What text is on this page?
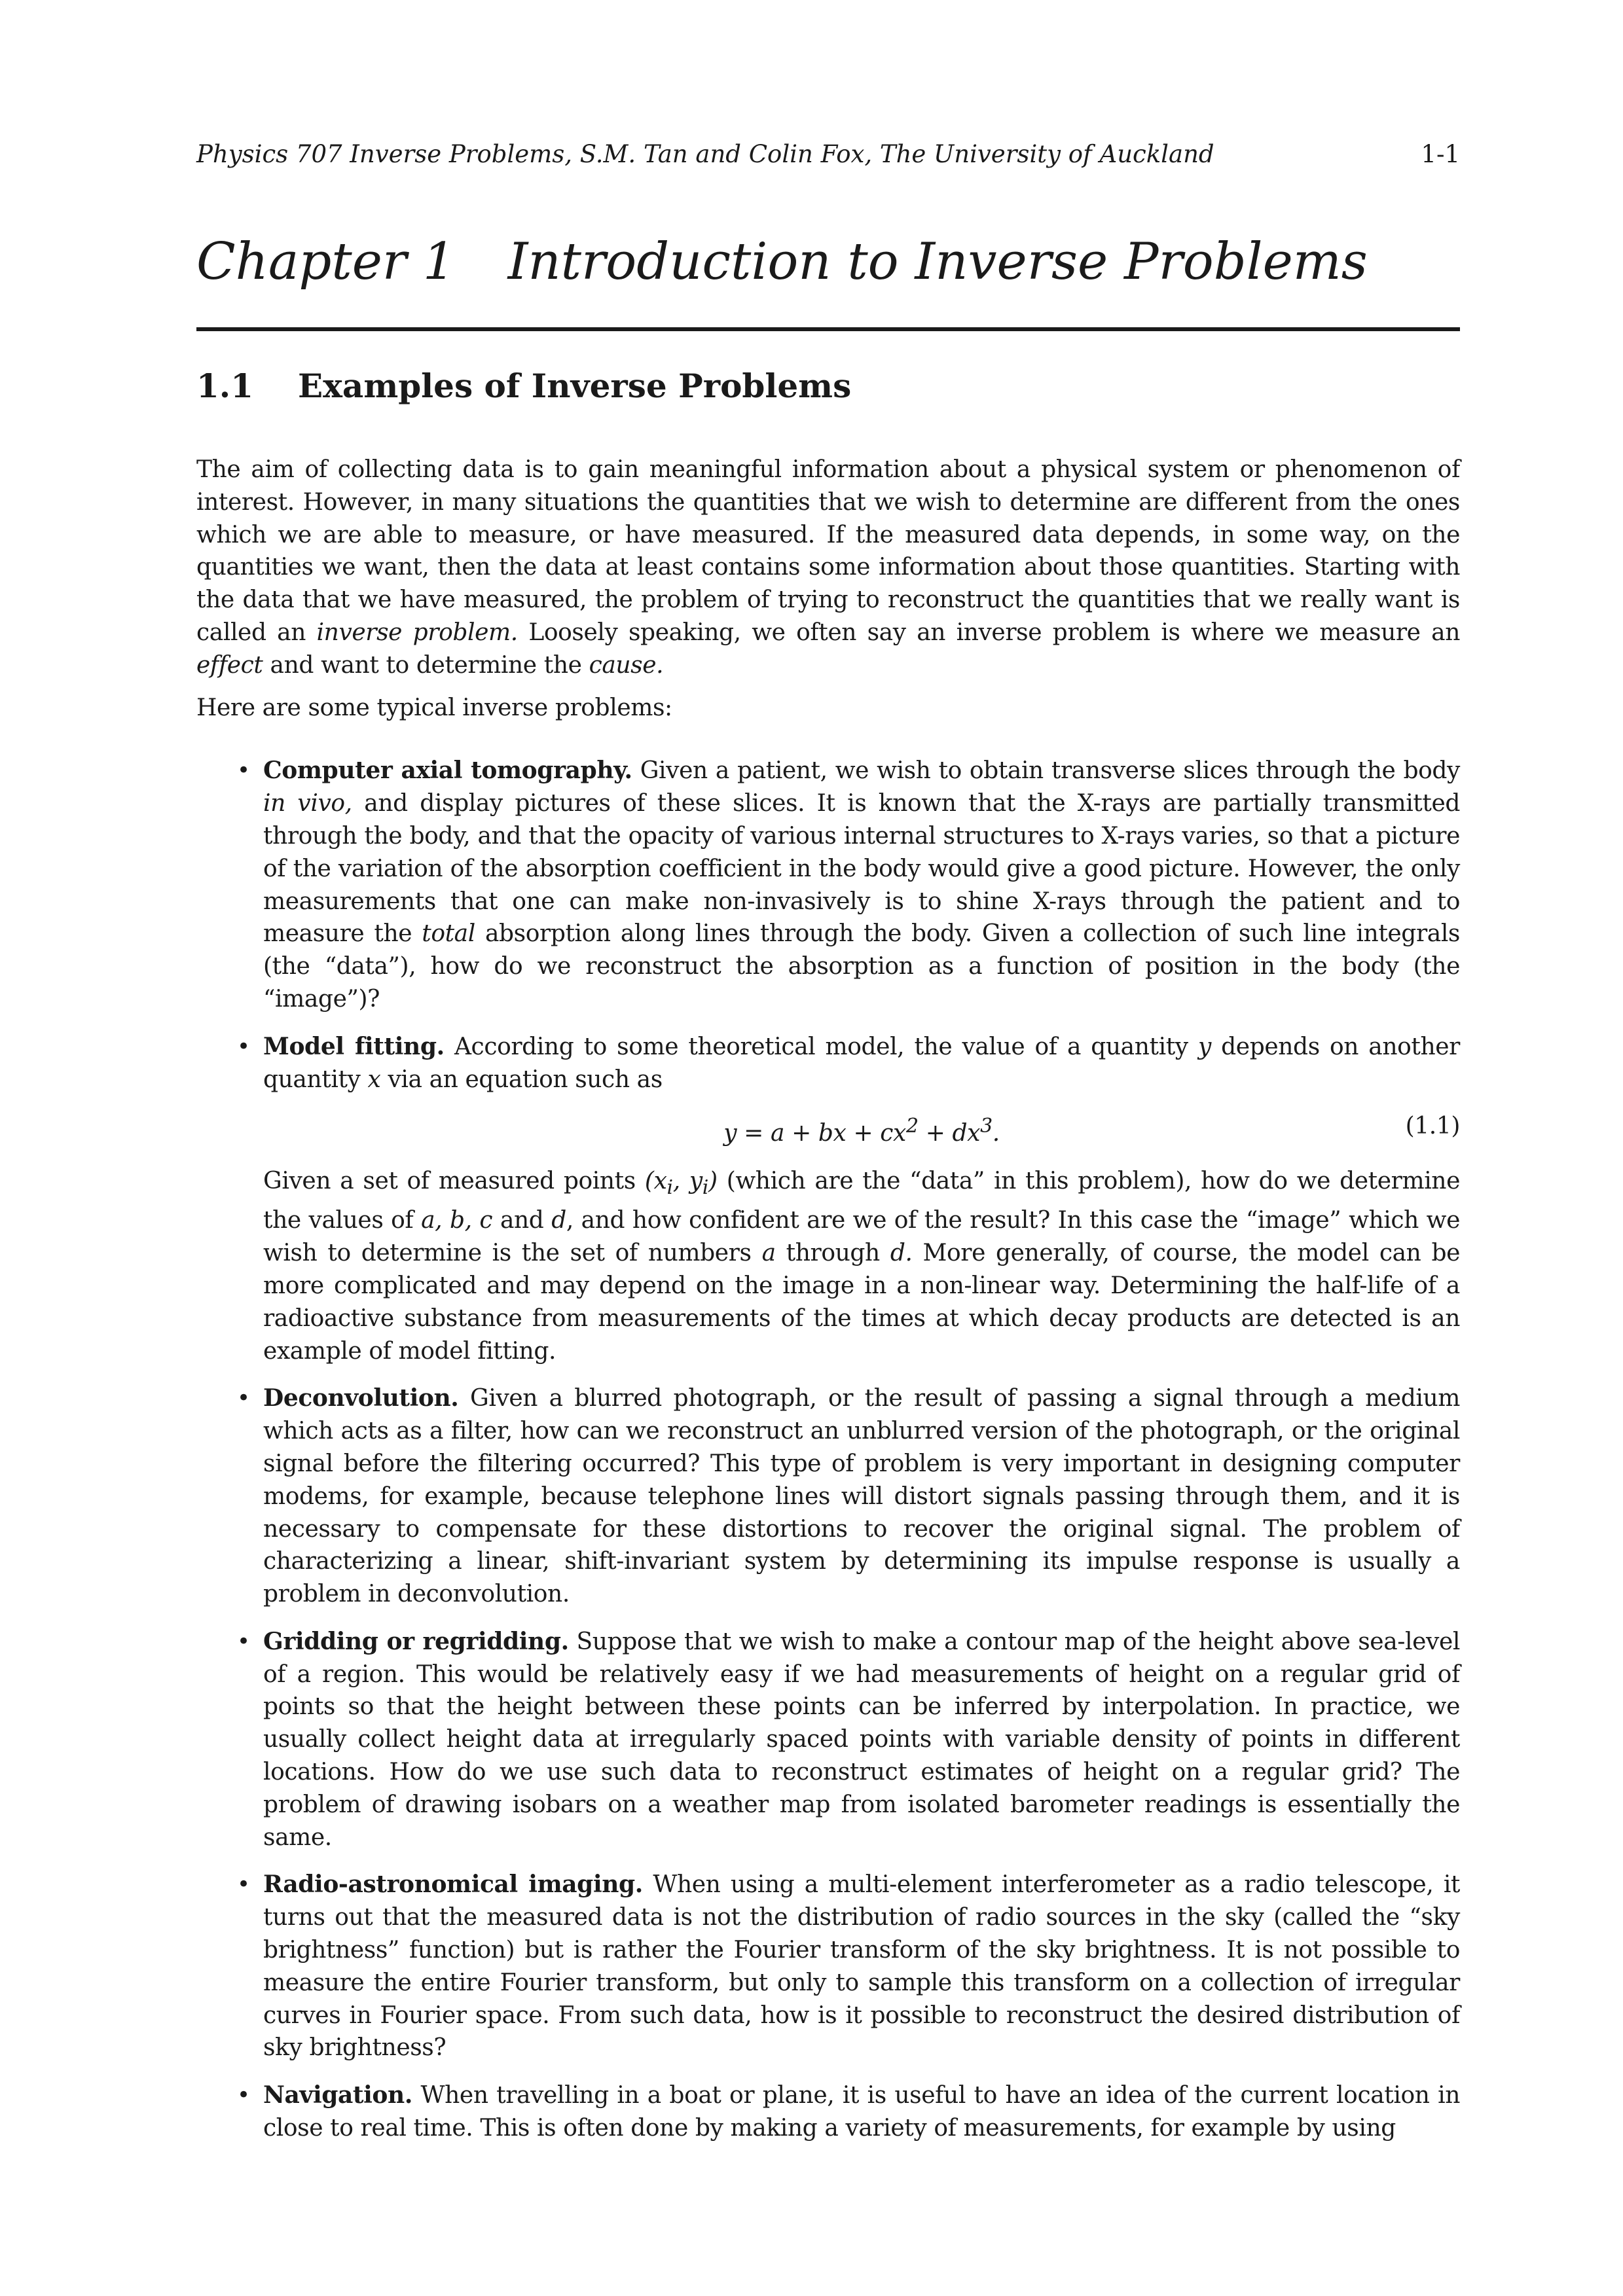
Physics 707 Inverse Problems, S.M. Tan and Colin Fox, The University of Auckland	1-1
Chapter 1 Introduction to Inverse Problems
1.1 Examples of Inverse Problems

The aim of collecting data is to gain meaningful information about a physical system or phenomenon of interest. However, in many situations the quantities that we wish to determine are different from the ones which we are able to measure, or have measured. If the measured data depends, in some way, on the quantities we want, then the data at least contains some information about those quantities. Starting with the data that we have measured, the problem of trying to reconstruct the quantities that we really want is called an inverse problem. Loosely speaking, we often say an inverse problem is where we measure an effect and want to determine the cause.

Here are some typical inverse problems:

• Computer axial tomography. Given a patient, we wish to obtain transverse slices through the body in vivo, and display pictures of these slices. It is known that the X-rays are partially transmitted through the body, and that the opacity of various internal structures to X-rays varies, so that a picture of the variation of the absorption coefficient in the body would give a good picture. However, the only measurements that one can make non-invasively is to shine X-rays through the patient and to measure the total absorption along lines through the body. Given a collection of such line integrals (the “data”), how do we reconstruct the absorption as a function of position in the body (the “image”)?
• Model fitting. According to some theoretical model, the value of a quantity y depends on another quantity x via an equation such as
y = a + bx + $cx^2 + dx^3$.	(1.1)
Given a set of measured points ($x_i$, $y_i$) (which are the “data” in this problem), how do we determine the values of a, b, c and d, and how confident are we of the result? In this case the “image” which we wish to determine is the set of numbers a through d. More generally, of course, the model can be more complicated and may depend on the image in a non-linear way. Determining the half-life of a radioactive substance from measurements of the times at which decay products are detected is an example of model fitting.
• Deconvolution. Given a blurred photograph, or the result of passing a signal through a medium which acts as a filter, how can we reconstruct an unblurred version of the photograph, or the original signal before the filtering occurred? This type of problem is very important in designing computer modems, for example, because telephone lines will distort signals passing through them, and it is necessary to compensate for these distortions to recover the original signal. The problem of characterizing a linear, shift-invariant system by determining its impulse response is usually a problem in deconvolution.
• Gridding or regridding. Suppose that we wish to make a contour map of the height above sea-level of a region. This would be relatively easy if we had measurements of height on a regular grid of points so that the height between these points can be inferred by interpolation. In practice, we usually collect height data at irregularly spaced points with variable density of points in different locations. How do we use such data to reconstruct estimates of height on a regular grid? The problem of drawing isobars on a weather map from isolated barometer readings is essentially the same.
• Radio-astronomical imaging. When using a multi-element interferometer as a radio telescope, it turns out that the measured data is not the distribution of radio sources in the sky (called the “sky brightness” function) but is rather the Fourier transform of the sky brightness. It is not possible to measure the entire Fourier transform, but only to sample this transform on a collection of irregular curves in Fourier space. From such data, how is it possible to reconstruct the desired distribution of sky brightness?
• Navigation. When travelling in a boat or plane, it is useful to have an idea of the current location in close to real time. This is often done by making a variety of measurements, for example by using
